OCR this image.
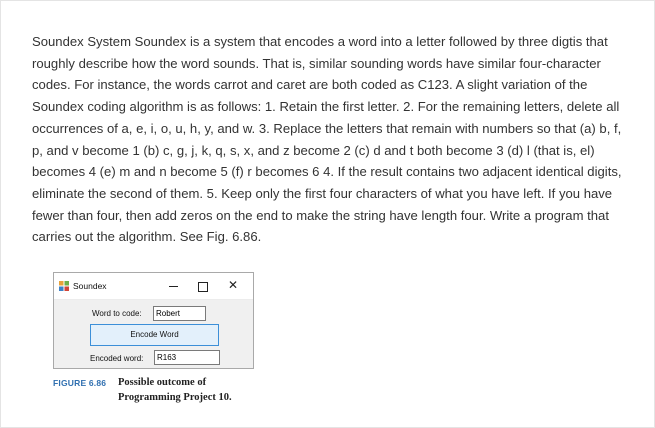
Soundex System Soundex is a system that encodes a word into a letter followed by three digtis that roughly describe how the word sounds. That is, similar sounding words have similar four-character codes. For instance, the words carrot and caret are both coded as C123. A slight variation of the Soundex coding algorithm is as follows: 1. Retain the first letter. 2. For the remaining letters, delete all occurrences of a, e, i, o, u, h, y, and w. 3. Replace the letters that remain with numbers so that (a) b, f, p, and v become 1 (b) c, g, j, k, q, s, x, and z become 2 (c) d and t both become 3 (d) l (that is, el) becomes 4 (e) m and n become 5 (f) r becomes 6 4. If the result contains two adjacent identical digits, eliminate the second of them. 5. Keep only the first four characters of what you have left. If you have fewer than four, then add zeros on the end to make the string have length four. Write a program that carries out the algorithm. See Fig. 6.86.

Soundex	✕
Word to code:	Robert
Encode Word
Encoded word:	R163
FIGURE 6.86 Possible outcome of Programming Project 10.
